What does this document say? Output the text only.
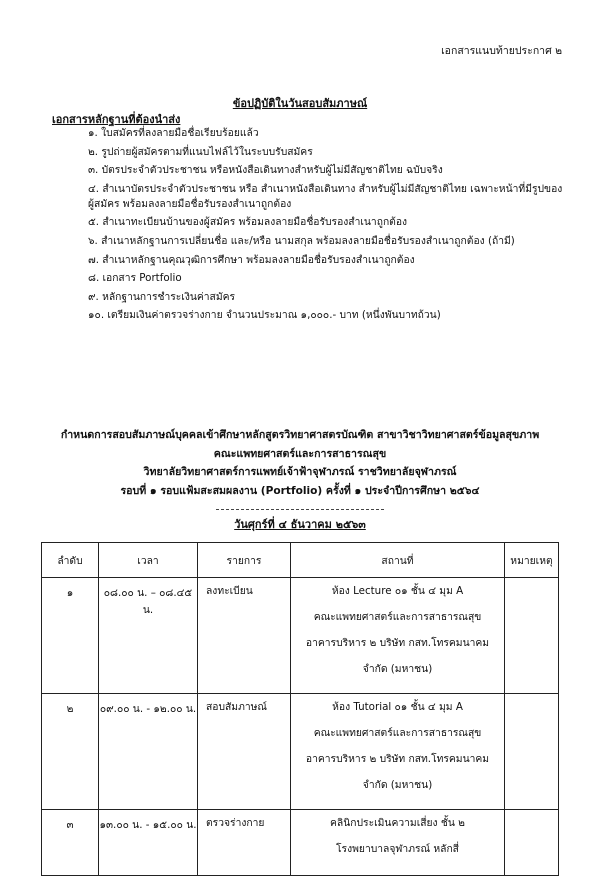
เอกสารแนบท้ายประกาศ ๒
ข้อปฏิบัติในวันสอบสัมภาษณ์
เอกสารหลักฐานที่ต้องนำส่ง
๑. ใบสมัครที่ลงลายมือชื่อเรียบร้อยแล้ว
๒. รูปถ่ายผู้สมัครตามที่แนบไฟล์ไว้ในระบบรับสมัคร
๓. บัตรประจำตัวประชาชน หรือหนังสือเดินทางสำหรับผู้ไม่มีสัญชาติไทย ฉบับจริง
๔. สำเนาบัตรประจำตัวประชาชน หรือ สำเนาหนังสือเดินทาง สำหรับผู้ไม่มีสัญชาติไทย เฉพาะหน้าที่มีรูปของ
ผู้สมัคร พร้อมลงลายมือชื่อรับรองสำเนาถูกต้อง
๕. สำเนาทะเบียนบ้านของผู้สมัคร พร้อมลงลายมือชื่อรับรองสำเนาถูกต้อง
๖. สำเนาหลักฐานการเปลี่ยนชื่อ และ/หรือ นามสกุล พร้อมลงลายมือชื่อรับรองสำเนาถูกต้อง (ถ้ามี)
๗. สำเนาหลักฐานคุณวุฒิการศึกษา พร้อมลงลายมือชื่อรับรองสำเนาถูกต้อง
๘. เอกสาร Portfolio
๙. หลักฐานการชำระเงินค่าสมัคร
๑๐. เตรียมเงินค่าตรวจร่างกาย จำนวนประมาณ ๑,๐๐๐.- บาท (หนึ่งพันบาทถ้วน)
กำหนดการสอบสัมภาษณ์บุคคลเข้าศึกษาหลักสูตรวิทยาศาสตรบัณฑิต สาขาวิชาวิทยาศาสตร์ข้อมูลสุขภาพ
คณะแพทยศาสตร์และการสาธารณสุข
วิทยาลัยวิทยาศาสตร์การแพทย์เจ้าฟ้าจุฬาภรณ์ ราชวิทยาลัยจุฬาภรณ์
รอบที่ ๑ รอบแฟ้มสะสมผลงาน (Portfolio) ครั้งที่ ๑ ประจำปีการศึกษา ๒๕๖๔
วันศุกร์ที่ ๔ ธันวาคม ๒๕๖๓
ลำดับ	เวลา	รายการ	สถานที่	หมายเหตุ
๑	๐๘.๐๐ น. – ๐๘.๔๕ น.	ลงทะเบียน	ห้อง Lecture ๐๑ ชั้น ๔ มุม A
คณะแพทยศาสตร์และการสาธารณสุข
อาคารบริหาร ๒ บริษัท กสท.โทรคมนาคม
จำกัด (มหาชน)	

๒	๐๙.๐๐ น. - ๑๒.๐๐ น.	สอบสัมภาษณ์	ห้อง Tutorial ๐๑ ชั้น ๔ มุม A
คณะแพทยศาสตร์และการสาธารณสุข
อาคารบริหาร ๒ บริษัท กสท.โทรคมนาคม
จำกัด (มหาชน)	

๓	๑๓.๐๐ น. - ๑๕.๐๐ น.	ตรวจร่างกาย	คลินิกประเมินความเสี่ยง ชั้น ๒
โรงพยาบาลจุฬาภรณ์ หลักสี่	
